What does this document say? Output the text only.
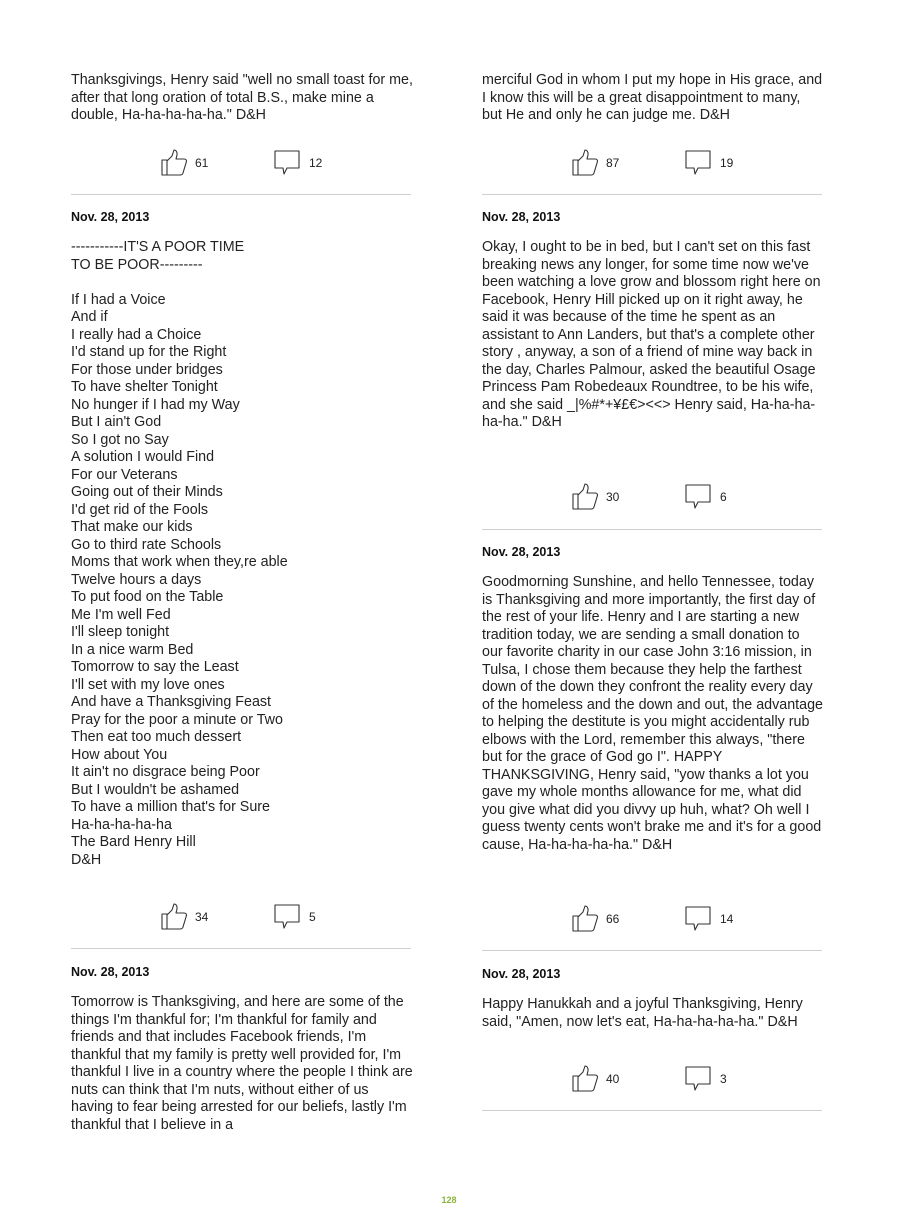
Thanksgivings, Henry said "well no small toast for me, after that long oration of total B.S., make mine a double, Ha-ha-ha-ha-ha." D&H

61	12
Nov. 28, 2013

-----------IT'S A POOR TIME
TO BE POOR---------

If I had a Voice
And if
I really had a Choice
I'd stand up for the Right
For those under bridges
To have shelter Tonight
No hunger if I had my Way
But I ain't God
So I got no Say
A solution I would Find
For our Veterans
Going out of their Minds
I'd get rid of the Fools
That make our kids
Go to third rate Schools
Moms that work when they,re able
Twelve hours a days
To put food on the Table
Me I'm well Fed
I'll sleep tonight
In a nice warm Bed
Tomorrow to say the Least
I'll set with my love ones
And have a Thanksgiving Feast
Pray for the poor a minute or Two
Then eat too much dessert
How about You
It ain't no disgrace being Poor
But I wouldn't be ashamed
To have a million that's for Sure
Ha-ha-ha-ha-ha
The Bard Henry Hill
D&H

34	5
Nov. 28, 2013

Tomorrow is Thanksgiving, and here are some of the things I'm thankful for; I'm thankful for family and friends and that includes Facebook friends, I'm thankful that my family is pretty well provided for, I'm thankful I live in a country where the people I think are nuts can think that I'm nuts, without either of us having to fear being arrested for our beliefs, lastly I'm thankful that I believe in a

merciful God in whom I put my hope in His grace, and I know this will be a great disappointment to many, but He and only he can judge me. D&H

87	19
Nov. 28, 2013

Okay, I ought to be in bed, but I can't set on this fast breaking news any longer, for some time now we've been watching a love grow and blossom right here on Facebook, Henry Hill picked up on it right away, he said it was because of the time he spent as an assistant to Ann Landers, but that's a complete other story , anyway, a son of a friend of mine way back in the day, Charles Palmour, asked the beautiful Osage Princess Pam Robedeaux Roundtree, to be his wife, and she said _|%#*+¥£€><<> Henry said, Ha-ha-ha-ha-ha." D&H

30	6
Nov. 28, 2013

Goodmorning Sunshine, and hello Tennessee, today is Thanksgiving and more importantly, the first day of the rest of your life. Henry and I are starting a new tradition today, we are sending a small donation to our favorite charity in our case John 3:16 mission, in Tulsa, I chose them because they help the farthest down of the down they confront the reality every day of the homeless and the down and out, the advantage to helping the destitute is you might accidentally rub elbows with the Lord, remember this always, "there but for the grace of God go I". HAPPY THANKSGIVING, Henry said, "yow thanks a lot you gave my whole months allowance for me, what did you give what did you divvy up huh, what? Oh well I guess twenty cents won't brake me and it's for a good cause, Ha-ha-ha-ha-ha." D&H

66	14
Nov. 28, 2013

Happy Hanukkah and a joyful Thanksgiving, Henry said, "Amen, now let's eat, Ha-ha-ha-ha-ha." D&H

40	3
128
